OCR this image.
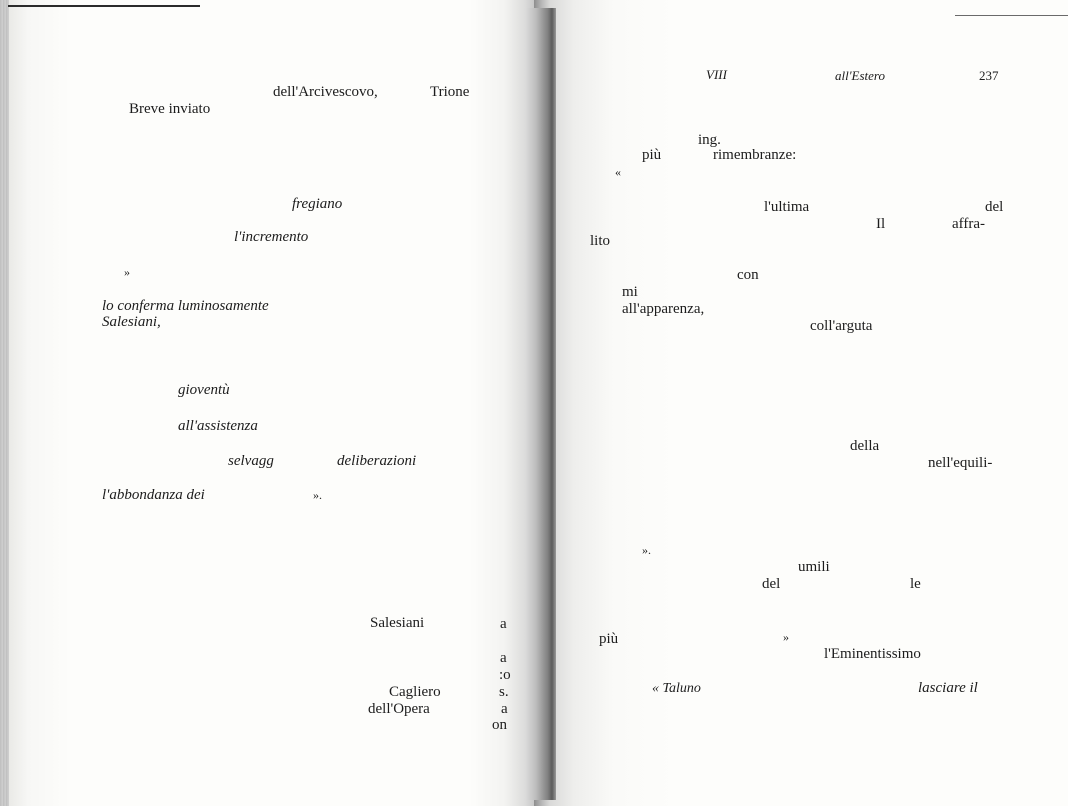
VIII	all'Estero	237
dell'Arcivescovo,	Trione
Breve inviato
fregiano
l'incremento
»
lo conferma luminosamente
Salesiani,
gioventù
all'assistenza
selvagg	deliberazioni
l'abbondanza dei	».
Salesiani	a
a
:o
Cagliero	s.
dell'Opera	a
on
ing.
più	rimembranze:
«
l'ultima	del
Il	affra-
lito
con
mi
all'apparenza,
coll'arguta
della
nell'equili-
».
umili
del	le
più	»
l'Eminentissimo
« Taluno	lasciare il
